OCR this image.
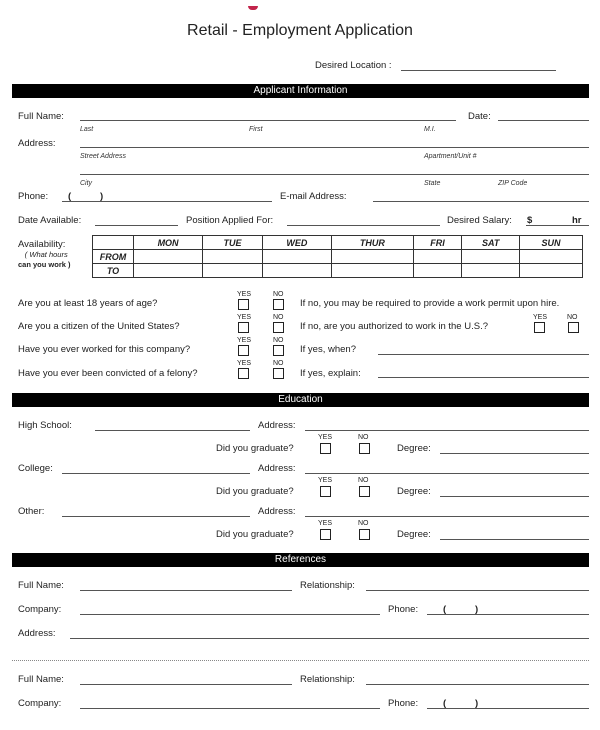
Retail - Employment Application
Desired Location :
Applicant Information
Full Name:	Date:
Last	First	M.I.
Address:
Street Address	Apartment/Unit #
City	State	ZIP Code
Phone: (	)	E-mail Address:
Date Available:	Position Applied For:	Desired Salary: $	hr
Availability:
( What hours
can you work )
	MON	TUE	WED	THUR	FRI	SAT	SUN
FROM							
TO							
YES	NO
Are you at least 18 years of age?	If no, you may be required to provide a work permit upon hire.
YES	NO
Are you a citizen of the United States?	If no, are you authorized to work in the U.S.?
YES	NO
YES	NO
Have you ever worked for this company?	If yes, when?
YES	NO
Have you ever been convicted of a felony?	If yes, explain:
Education
High School:	Address:
YES	NO
Did you graduate?	Degree:
College:	Address:
YES	NO
Did you graduate?	Degree:
Other:	Address:
YES	NO
Did you graduate?	Degree:
References
Full Name:	Relationship:
Company:	Phone:	(	)
Address:
Full Name:	Relationship:
Company:	Phone:	(	)
